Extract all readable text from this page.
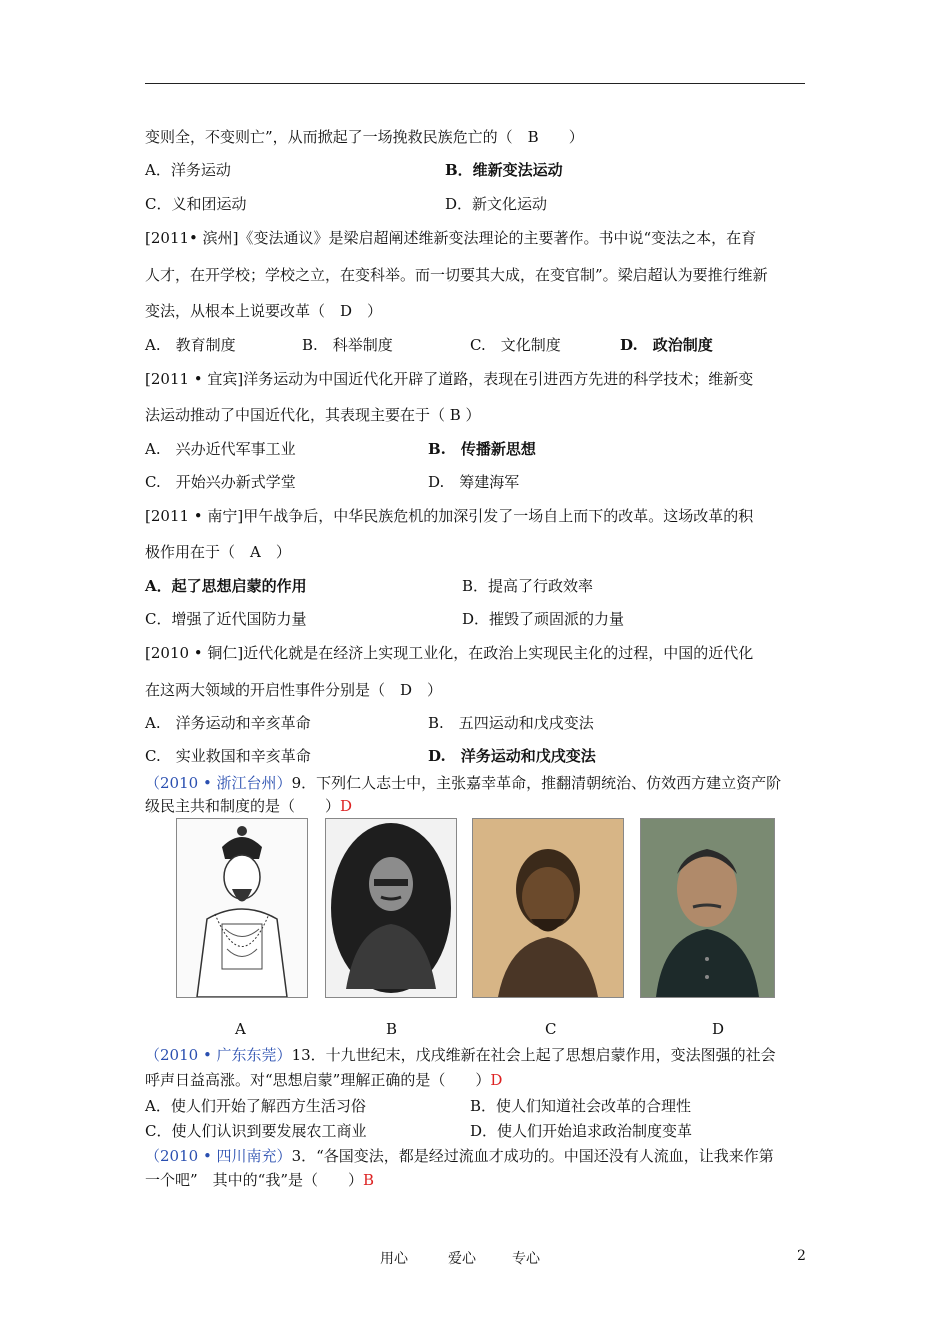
变则全，不变则亡”，从而掀起了一场挽救民族危亡的（　B　　）
A．洋务运动	B．维新变法运动
C．义和团运动	D．新文化运动
[2011• 滨州]《变法通议》是梁启超阐述维新变法理论的主要著作。书中说“变法之本，在育
人才，在开学校；学校之立，在变科举。而一切要其大成，在变官制”。梁启超认为要推行维新
变法，从根本上说要改革（　D　）
A.　教育制度	B.　科举制度	C.　文化制度	D.　政治制度
[2011 • 宜宾]洋务运动为中国近代化开辟了道路，表现在引进西方先进的科学技术；维新变
法运动推动了中国近代化，其表现主要在于（ B ）
A.　兴办近代军事工业	B.　传播新思想
C.　开始兴办新式学堂	D.　筹建海军
[2011 • 南宁]甲午战争后，中华民族危机的加深引发了一场自上而下的改革。这场改革的积
极作用在于（　A　）
A．起了思想启蒙的作用	B．提高了行政效率
C．增强了近代国防力量	D．摧毁了顽固派的力量
[2010 • 铜仁]近代化就是在经济上实现工业化，在政治上实现民主化的过程，中国的近代化
在这两大领域的开启性事件分别是（　D　）
A.　洋务运动和辛亥革命	B.　五四运动和戊戌变法
C.　实业救国和辛亥革命	D.　洋务运动和戊戌变法
（2010 • 浙江台州）9．下列仁人志士中，主张嘉幸革命，推翻清朝统治、仿效西方建立资产阶
级民主共和制度的是（　　）D
A	B	C	D
（2010 • 广东东莞）13．十九世纪末，戊戌维新在社会上起了思想启蒙作用，变法图强的社会
呼声日益高涨。对“思想启蒙”理解正确的是（　　）D
A．使人们开始了解西方生活习俗	B．使人们知道社会改革的合理性
C．使人们认识到要发展农工商业	D．使人们开始追求政治制度变革
（2010 • 四川南充）3．“各国变法，都是经过流血才成功的。中国还没有人流血，让我来作第
一个吧”　其中的“我”是（　　）B
用心	爱心	专心	2
